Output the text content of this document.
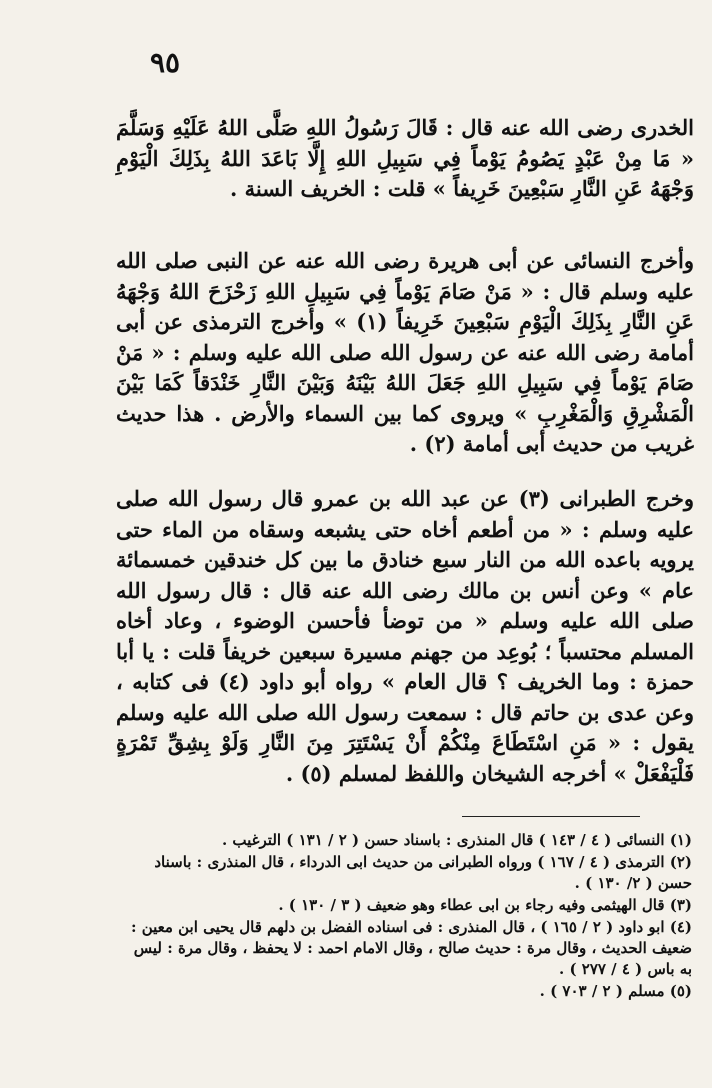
٩٥

الخدرى رضى الله عنه قال : قَالَ رَسُولُ اللهِ صَلَّى اللهُ عَلَيْهِ وَسَلَّمَ « مَا مِنْ عَبْدٍ يَصُومُ يَوْماً فِي سَبِيلِ اللهِ إِلَّا بَاعَدَ اللهُ بِذَلِكَ الْيَوْمِ وَجْهَهُ عَنِ النَّارِ سَبْعِينَ خَرِيفاً » قلت : الخريف السنة .

وأخرج النسائى عن أبى هريرة رضى الله عنه عن النبى صلى الله عليه وسلم قال : « مَنْ صَامَ يَوْماً فِي سَبِيلِ اللهِ زَحْزَحَ اللهُ وَجْهَهُ عَنِ النَّارِ بِذَلِكَ الْيَوْمِ سَبْعِينَ خَرِيفاً (١) » وأخرج الترمذى عن أبى أمامة رضى الله عنه عن رسول الله صلى الله عليه وسلم : « مَنْ صَامَ يَوْماً فِي سَبِيلِ اللهِ جَعَلَ اللهُ بَيْنَهُ وَبَيْنَ النَّارِ خَنْدَقاً كَمَا بَيْنَ الْمَشْرِقِ وَالْمَغْرِبِ » ويروى كما بين السماء والأرض . هذا حديث غريب من حديث أبى أمامة (٢) .

وخرج الطبرانى (٣) عن عبد الله بن عمرو قال رسول الله صلى عليه وسلم : « من أطعم أخاه حتى يشبعه وسقاه من الماء حتى يرويه باعده الله من النار سبع خنادق ما بين كل خندقين خمسمائة عام » وعن أنس بن مالك رضى الله عنه قال : قال رسول الله صلى الله عليه وسلم « من توضأ فأحسن الوضوء ، وعاد أخاه المسلم محتسباً ؛ بُوعِد من جهنم مسيرة سبعين خريفاً قلت : يا أبا حمزة : وما الخريف ؟ قال العام » رواه أبو داود (٤) فى كتابه ، وعن عدى بن حاتم قال : سمعت رسول الله صلى الله عليه وسلم يقول : « مَنِ اسْتَطَاعَ مِنْكُمْ أَنْ يَسْتَتِرَ مِنَ النَّارِ وَلَوْ بِشِقِّ تَمْرَةٍ فَلْيَفْعَلْ » أخرجه الشيخان واللفظ لمسلم (٥) .

(١) النسائى ( ٤ / ١٤٣ ) قال المنذرى : باسناد حسن ( ٢ / ١٣١ ) الترغيب .

(٢) الترمذى ( ٤ / ١٦٧ ) ورواه الطبرانى من حديث ابى الدرداء ، قال المنذرى : باسناد حسن ( ٢/ ١٣٠ ) .

(٣) قال الهيثمى وفيه رجاء بن ابى عطاء وهو ضعيف ( ٣ / ١٣٠ ) .

(٤) ابو داود ( ٢ / ١٦٥ ) ، قال المنذرى : فى اسناده الفضل بن دلهم قال يحيى ابن معين : ضعيف الحديث ، وقال مرة : حديث صالح ، وقال الامام احمد : لا يحفظ ، وقال مرة : ليس به باس ( ٤ / ٢٧٧ ) .

(٥) مسلم ( ٢ / ٧٠٣ ) .
